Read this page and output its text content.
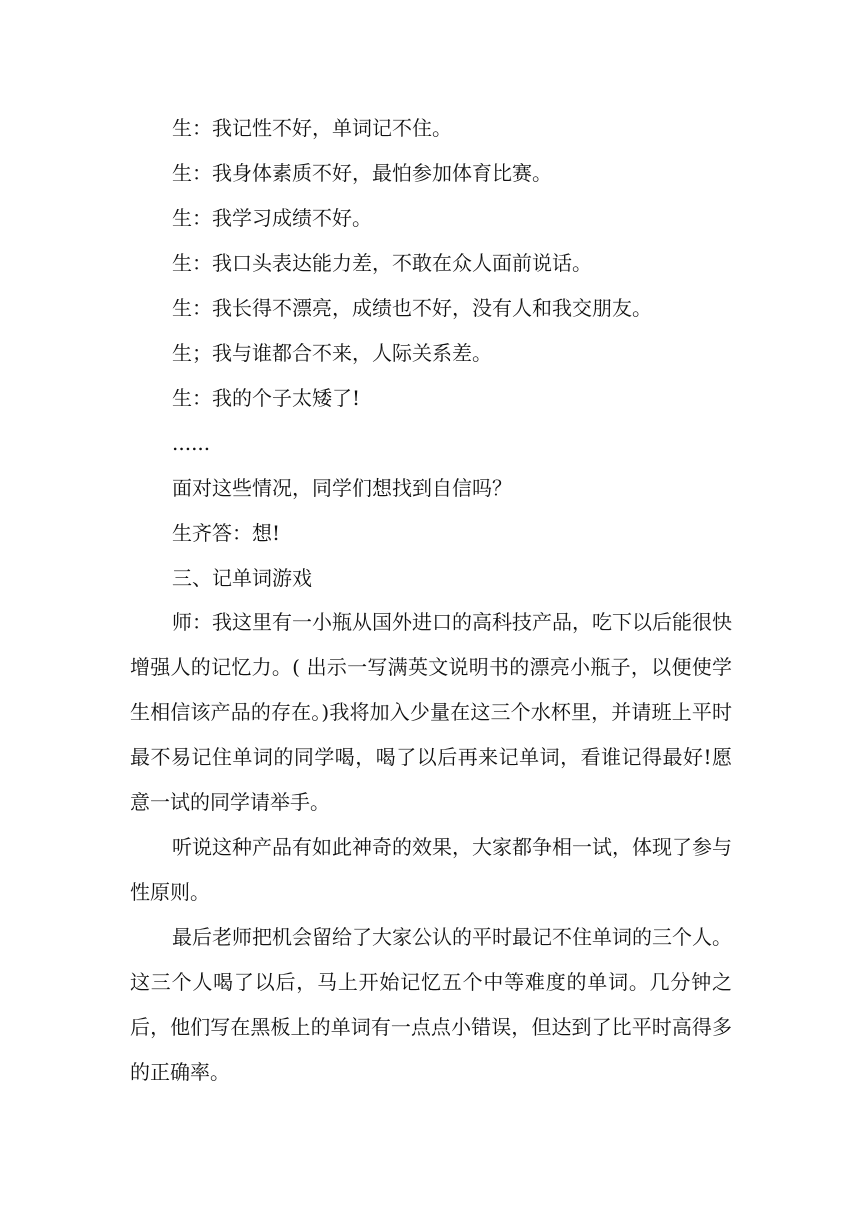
生：我记性不好，单词记不住。
生：我身体素质不好，最怕参加体育比赛。
生：我学习成绩不好。
生：我口头表达能力差，不敢在众人面前说话。
生：我长得不漂亮，成绩也不好，没有人和我交朋友。
生；我与谁都合不来，人际关系差。
生：我的个子太矮了!
......
面对这些情况，同学们想找到自信吗？
生齐答：想!
三、记单词游戏
师：我这里有一小瓶从国外进口的高科技产品，吃下以后能很快增强人的记忆力。( 出示一写满英文说明书的漂亮小瓶子，以便使学生相信该产品的存在。)我将加入少量在这三个水杯里，并请班上平时最不易记住单词的同学喝，喝了以后再来记单词，看谁记得最好!愿意一试的同学请举手。
听说这种产品有如此神奇的效果，大家都争相一试，体现了参与性原则。
最后老师把机会留给了大家公认的平时最记不住单词的三个人。这三个人喝了以后，马上开始记忆五个中等难度的单词。几分钟之后，他们写在黑板上的单词有一点点小错误，但达到了比平时高得多的正确率。
